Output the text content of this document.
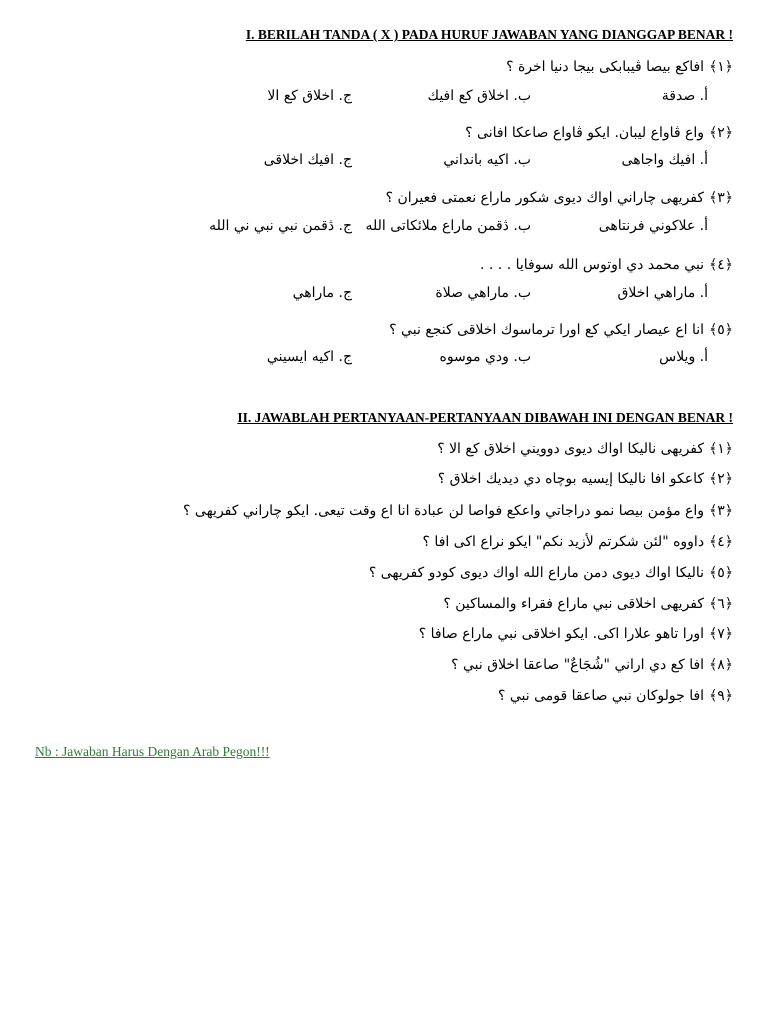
I. BERILAH TANDA ( X ) PADA HURUF JAWABAN YANG DIANGGAP BENAR !
﴿١﴾افاكع بيصا ڤيبابكى بيجا دنيا اخرة ؟
أ. صدقة
ب. اخلاق كع افيك
ج. اخلاق كع الا
﴿٢﴾واع ڤاواع ليبان. ايكو ڤاواع صاعكا افانى ؟
أ. افيك واجاهى
ب. اكيه بانداني
ج. افيك اخلاقى
﴿٣﴾كفريهى چاراني اواك ديوى شكور ماراع نعمتى فعيران ؟
أ. علاكوني فرنتاهى
ب. ڎقمن ماراع ملائكاتى الله
ج. ڎقمن نبي نبي ني الله
﴿٤﴾نبي محمد دي اوتوس الله سوفايا . . . .
أ. ماراهي اخلاق
ب. ماراهي صلاة
ج. ماراهي
﴿٥﴾انا اع عيصار ايكي كع اورا ترماسوك اخلاقى كنجع نبي ؟
أ. ويلاس
ب. ودي موسوه
ج. اكيه ايسيني
II. JAWABLAH PERTANYAAN-PERTANYAAN DIBAWAH INI DENGAN BENAR !
﴿١﴾كفريهى ناليكا اواك ديوى دوويني اخلاق كع الا ؟
﴿٢﴾كاعكو افا ناليكا إيسيه بوچاه دي ديديك اخلاق ؟
﴿٣﴾واع مؤمن بيصا نمو دراجاتي واعكع فواصا لن عبادة انا اع وقت تيعى. ايكو چاراني كفريهى ؟
﴿٤﴾داووه "لئن شكرتم لأزيد نكم" ايكو نراع اكى افا ؟
﴿٥﴾ناليكا اواك ديوى دمن ماراع الله اواك ديوى كودو كفريهى ؟
﴿٦﴾كفريهى اخلاقى نبي ماراع فقراء والمساكين ؟
﴿٧﴾اورا تاهو علارا اكى. ايكو اخلاقى نبي ماراع صافا ؟
﴿٨﴾افا كع دي اراني "شُجَاعٌ" صاعقا اخلاق نبي ؟
﴿٩﴾افا جولوكان نبي صاعقا قومى نبي ؟
Nb : Jawaban Harus Dengan Arab Pegon!!!
